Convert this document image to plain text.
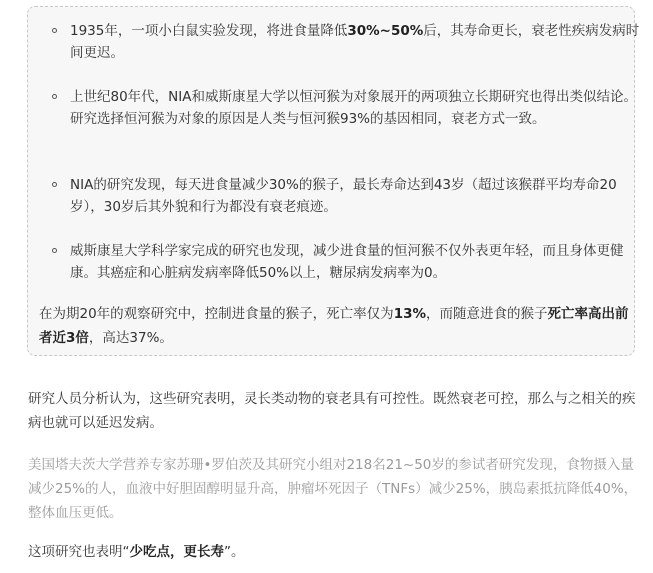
1935年，一项小白鼠实验发现，将进食量降低30%~50%后，其寿命更长，衰老性疾病发病时间更迟。
上世纪80年代，NIA和威斯康星大学以恒河猴为对象展开的两项独立长期研究也得出类似结论。研究选择恒河猴为对象的原因是人类与恒河猴93%的基因相同，衰老方式一致。
NIA的研究发现，每天进食量减少30%的猴子，最长寿命达到43岁（超过该猴群平均寿命20岁），30岁后其外貌和行为都没有衰老痕迹。
威斯康星大学科学家完成的研究也发现，减少进食量的恒河猴不仅外表更年轻，而且身体更健康。其癌症和心脏病发病率降低50%以上，糖尿病发病率为0。
在为期20年的观察研究中，控制进食量的猴子，死亡率仅为13%，而随意进食的猴子死亡率高出前者近3倍，高达37%。

研究人员分析认为，这些研究表明，灵长类动物的衰老具有可控性。既然衰老可控，那么与之相关的疾病也就可以延迟发病。

美国塔夫茨大学营养专家苏珊•罗伯茨及其研究小组对218名21~50岁的参试者研究发现，食物摄入量减少25%的人，血液中好胆固醇明显升高，肿瘤坏死因子（TNFs）减少25%，胰岛素抵抗降低40%，整体血压更低。

这项研究也表明“少吃点，更长寿”。
